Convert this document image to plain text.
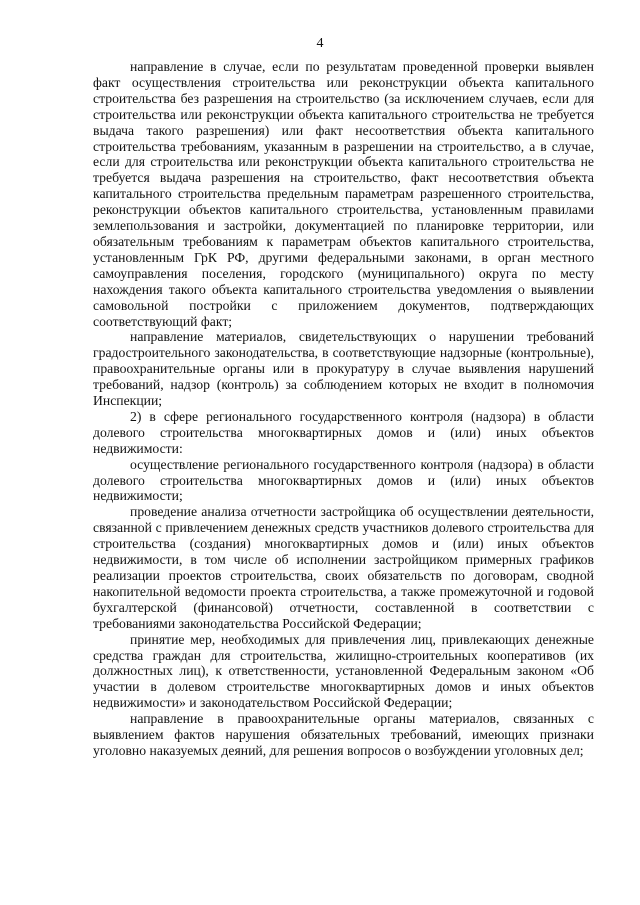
4

направление в случае, если по результатам проведенной проверки выявлен факт осуществления строительства или реконструкции объекта капитального строительства без разрешения на строительство (за исключением случаев, если для строительства или реконструкции объекта капитального строительства не требуется выдача такого разрешения) или факт несоответствия объекта капитального строительства требованиям, указанным в разрешении на строительство, а в случае, если для строительства или реконструкции объекта капитального строительства не требуется выдача разрешения на строительство, факт несоответствия объекта капитального строительства предельным параметрам разрешенного строительства, реконструкции объектов капитального строительства, установленным правилами землепользования и застройки, документацией по планировке территории, или обязательным требованиям к параметрам объектов капитального строительства, установленным ГрК РФ, другими федеральными законами, в орган местного самоуправления поселения, городского (муниципального) округа по месту нахождения такого объекта капитального строительства уведомления о выявлении самовольной постройки с приложением документов, подтверждающих соответствующий факт;

направление материалов, свидетельствующих о нарушении требований градостроительного законодательства, в соответствующие надзорные (контрольные), правоохранительные органы или в прокуратуру в случае выявления нарушений требований, надзор (контроль) за соблюдением которых не входит в полномочия Инспекции;

2) в сфере регионального государственного контроля (надзора) в области долевого строительства многоквартирных домов и (или) иных объектов недвижимости:

осуществление регионального государственного контроля (надзора) в области долевого строительства многоквартирных домов и (или) иных объектов недвижимости;

проведение анализа отчетности застройщика об осуществлении деятельности, связанной с привлечением денежных средств участников долевого строительства для строительства (создания) многоквартирных домов и (или) иных объектов недвижимости, в том числе об исполнении застройщиком примерных графиков реализации проектов строительства, своих обязательств по договорам, сводной накопительной ведомости проекта строительства, а также промежуточной и годовой бухгалтерской (финансовой) отчетности, составленной в соответствии с требованиями законодательства Российской Федерации;

принятие мер, необходимых для привлечения лиц, привлекающих денежные средства граждан для строительства, жилищно-строительных кооперативов (их должностных лиц), к ответственности, установленной Федеральным законом «Об участии в долевом строительстве многоквартирных домов и иных объектов недвижимости» и законодательством Российской Федерации;

направление в правоохранительные органы материалов, связанных с выявлением фактов нарушения обязательных требований, имеющих признаки уголовно наказуемых деяний, для решения вопросов о возбуждении уголовных дел;
